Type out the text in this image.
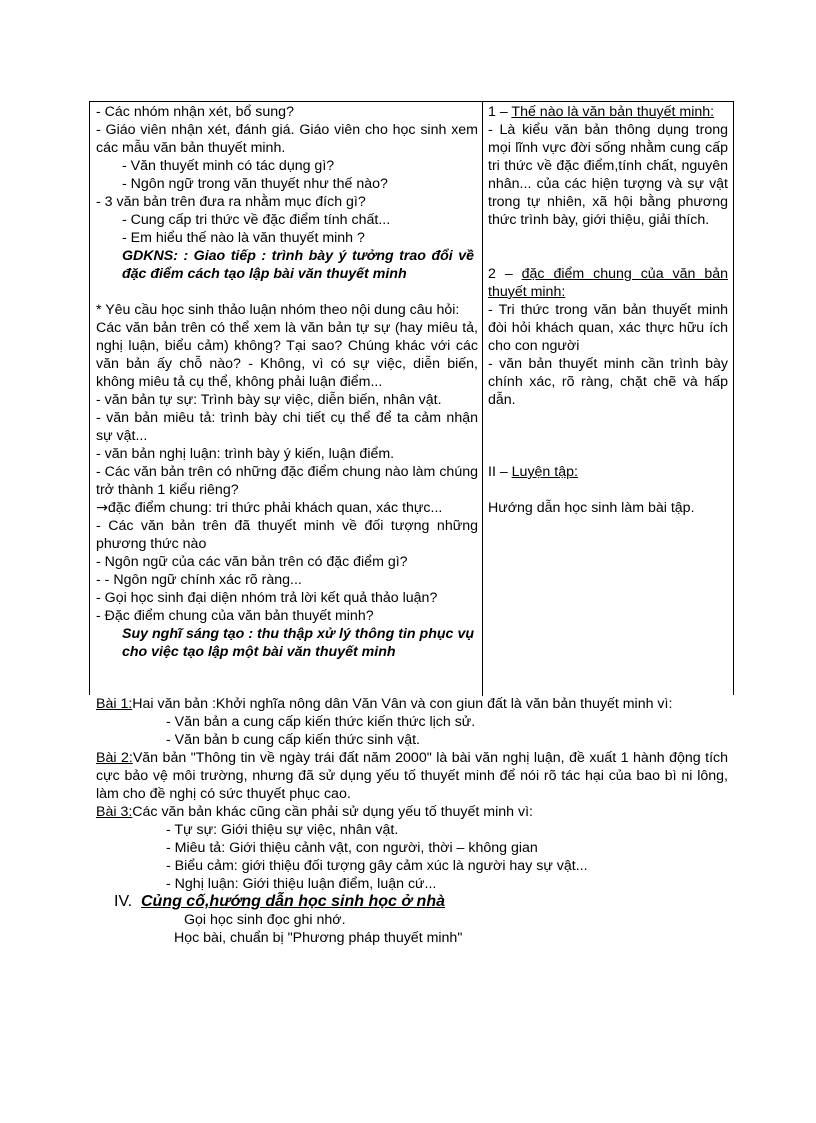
- Các nhóm nhận xét, bổ sung?

- Giáo viên nhận xét, đánh giá. Giáo viên cho học sinh xem các mẫu văn bản thuyết minh.

- Văn thuyết minh có tác dụng gì?

- Ngôn ngữ trong văn thuyết như thế nào?

- 3 văn bản trên đưa ra nhằm mục đích gì?

- Cung cấp tri thức về đặc điểm tính chất...

- Em hiểu thế nào là văn thuyết minh ?

GDKNS: : Giao tiếp : trình bày ý tưởng trao đổi về đặc điểm cách tạo lập bài văn thuyết minh

* Yêu cầu học sinh thảo luận nhóm theo nội dung câu hỏi:

Các văn bản trên có thể xem là văn bản tự sự (hay miêu tả, nghị luận, biểu cảm) không? Tại sao? Chúng khác với các văn bản ấy chỗ nào? - Không, vì có sự việc, diễn biến, không miêu tả cụ thể, không phải luận điểm...

- văn bản tự sự: Trình bày sự việc, diễn biến, nhân vật.

- văn bản miêu tả: trình bày chi tiết cụ thể để ta cảm nhận sự vật...

- văn bản nghị luận: trình bày ý kiến, luận điểm.

- Các văn bản trên có những đặc điểm chung nào làm chúng trở thành 1 kiểu riêng?

→đặc điểm chung: tri thức phải khách quan, xác thực...

- Các văn bản trên đã thuyết minh về đối tượng những phương thức nào

- Ngôn ngữ của các văn bản trên có đặc điểm gì?

- - Ngôn ngữ chính xác rõ ràng...

- Gọi học sinh đại diện nhóm trả lời kết quả thảo luận?

- Đặc điểm chung của văn bản thuyết minh?

Suy nghĩ sáng tạo : thu thập xử lý thông tin phục vụ cho việc tạo lập một bài văn thuyết minh

1 – Thế nào là văn bản thuyết minh:

- Là kiểu văn bản thông dụng trong mọi lĩnh vực đời sống nhằm cung cấp tri thức về đặc điểm,tính chất, nguyên nhân... của các hiện tượng và sự vật trong tự nhiên, xã hội bằng phương thức trình bày, giới thiệu, giải thích.

2 – đặc điểm chung của văn bản thuyết minh:

- Tri thức trong văn bản thuyết minh đòi hỏi khách quan, xác thực hữu ích cho con người

- văn bản thuyết minh cần trình bày chính xác, rõ ràng, chặt chẽ và hấp dẫn.

II – Luyện tập:

Hướng dẫn học sinh làm bài tập.

Bài 1:Hai văn bản :Khởi nghĩa nông dân Văn Vân và con giun đất là văn bản thuyết minh vì:

- Văn bản a cung cấp kiến thức kiến thức lịch sử.

- Văn bản b cung cấp kiến thức sinh vật.

Bài 2:Văn bản "Thông tin về ngày trái đất năm 2000" là bài văn nghị luận, đề xuất 1 hành động tích cực bảo vệ môi trường, nhưng đã sử dụng yếu tố thuyết minh để nói rõ tác hại của bao bì ni lông, làm cho đề nghị có sức thuyết phục cao.

Bài 3:Các văn bản khác cũng cần phải sử dụng yếu tố thuyết minh vì:

- Tự sự: Giới thiệu sự việc, nhân vật.

- Miêu tả: Giới thiệu cảnh vật, con người, thời – không gian

- Biểu cảm: giới thiệu đối tượng gây cảm xúc là người hay sự vật...

- Nghị luận: Giới thiệu luận điểm, luận cứ...

IV. Củng cố,hướng dẫn học sinh học ở nhà

Gọi học sinh đọc ghi nhớ.

Học bài, chuẩn bị "Phương pháp thuyết minh"
